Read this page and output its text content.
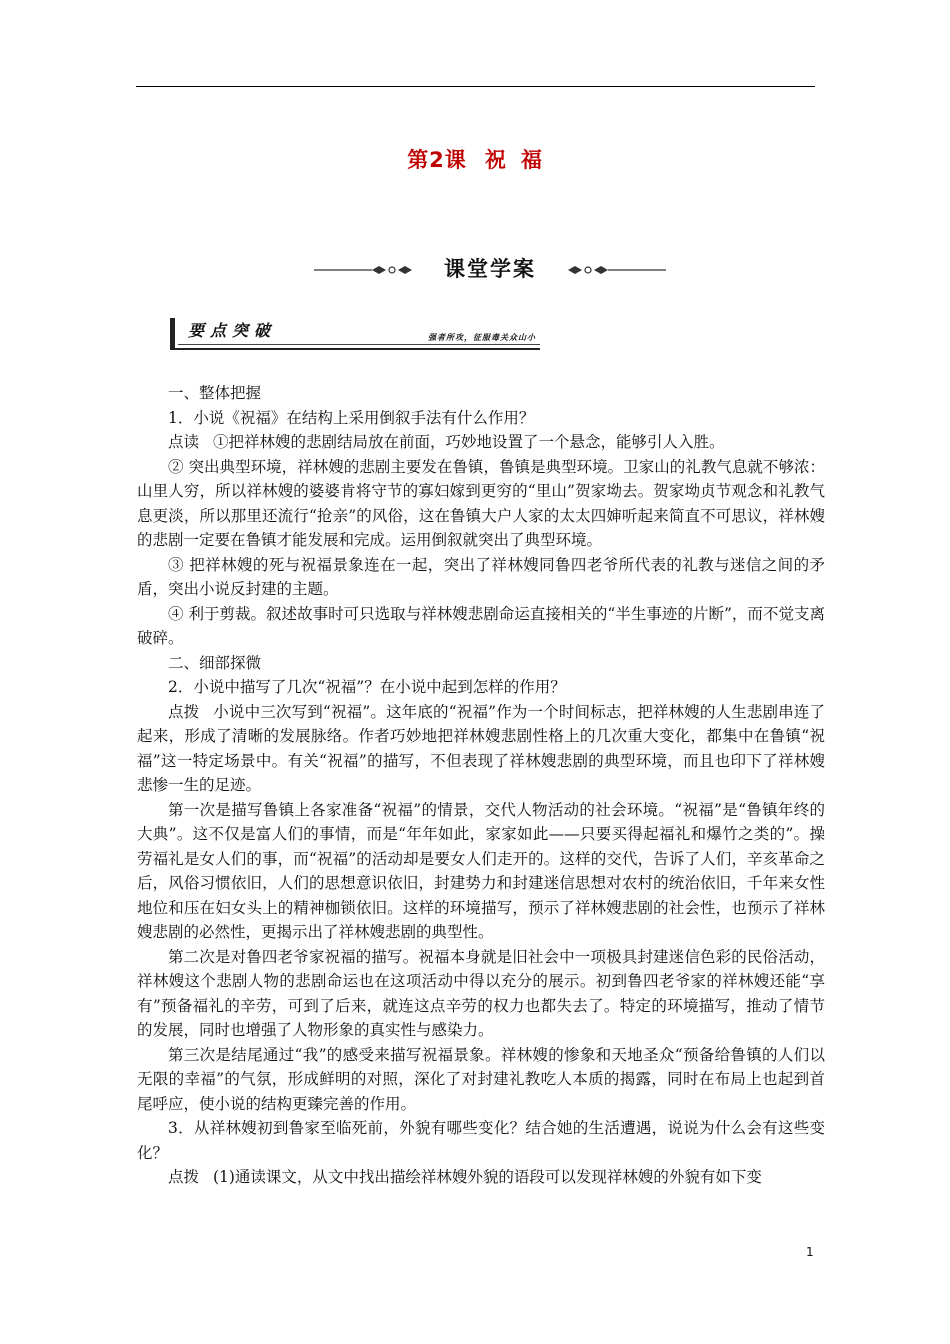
第2课 祝 福
课堂学案
要点突破	强者所攻，征服毒关众山小

一、整体把握

1．小说《祝福》在结构上采用倒叙手法有什么作用？

点读 ①把祥林嫂的悲剧结局放在前面，巧妙地设置了一个悬念，能够引人入胜。

② 突出典型环境，祥林嫂的悲剧主要发在鲁镇，鲁镇是典型环境。卫家山的礼教气息就不够浓：山里人穷，所以祥林嫂的婆婆肯将守节的寡妇嫁到更穷的“里山”贺家坳去。贺家坳贞节观念和礼教气息更淡，所以那里还流行“抢亲”的风俗，这在鲁镇大户人家的太太四婶听起来简直不可思议，祥林嫂的悲剧一定要在鲁镇才能发展和完成。运用倒叙就突出了典型环境。

③ 把祥林嫂的死与祝福景象连在一起，突出了祥林嫂同鲁四老爷所代表的礼教与迷信之间的矛盾，突出小说反封建的主题。

④ 利于剪裁。叙述故事时可只选取与祥林嫂悲剧命运直接相关的“半生事迹的片断”，而不觉支离破碎。

二、细部探微

2．小说中描写了几次“祝福”？在小说中起到怎样的作用？

点拨 小说中三次写到“祝福”。这年底的“祝福”作为一个时间标志，把祥林嫂的人生悲剧串连了起来，形成了清晰的发展脉络。作者巧妙地把祥林嫂悲剧性格上的几次重大变化，都集中在鲁镇“祝福”这一特定场景中。有关“祝福”的描写，不但表现了祥林嫂悲剧的典型环境，而且也印下了祥林嫂悲惨一生的足迹。

第一次是描写鲁镇上各家准备“祝福”的情景，交代人物活动的社会环境。“祝福”是“鲁镇年终的大典”。这不仅是富人们的事情，而是“年年如此，家家如此——只要买得起福礼和爆竹之类的”。操劳福礼是女人们的事，而“祝福”的活动却是要女人们走开的。这样的交代，告诉了人们，辛亥革命之后，风俗习惯依旧，人们的思想意识依旧，封建势力和封建迷信思想对农村的统治依旧，千年来女性地位和压在妇女头上的精神枷锁依旧。这样的环境描写，预示了祥林嫂悲剧的社会性，也预示了祥林嫂悲剧的必然性，更揭示出了祥林嫂悲剧的典型性。

第二次是对鲁四老爷家祝福的描写。祝福本身就是旧社会中一项极具封建迷信色彩的民俗活动，祥林嫂这个悲剧人物的悲剧命运也在这项活动中得以充分的展示。初到鲁四老爷家的祥林嫂还能“享有”预备福礼的辛劳，可到了后来，就连这点辛劳的权力也都失去了。特定的环境描写，推动了情节的发展，同时也增强了人物形象的真实性与感染力。

第三次是结尾通过“我”的感受来描写祝福景象。祥林嫂的惨象和天地圣众“预备给鲁镇的人们以无限的幸福”的气氛，形成鲜明的对照，深化了对封建礼教吃人本质的揭露，同时在布局上也起到首尾呼应，使小说的结构更臻完善的作用。

3．从祥林嫂初到鲁家至临死前，外貌有哪些变化？结合她的生活遭遇，说说为什么会有这些变化？

点拨 (1)通读课文，从文中找出描绘祥林嫂外貌的语段可以发现祥林嫂的外貌有如下变

1
